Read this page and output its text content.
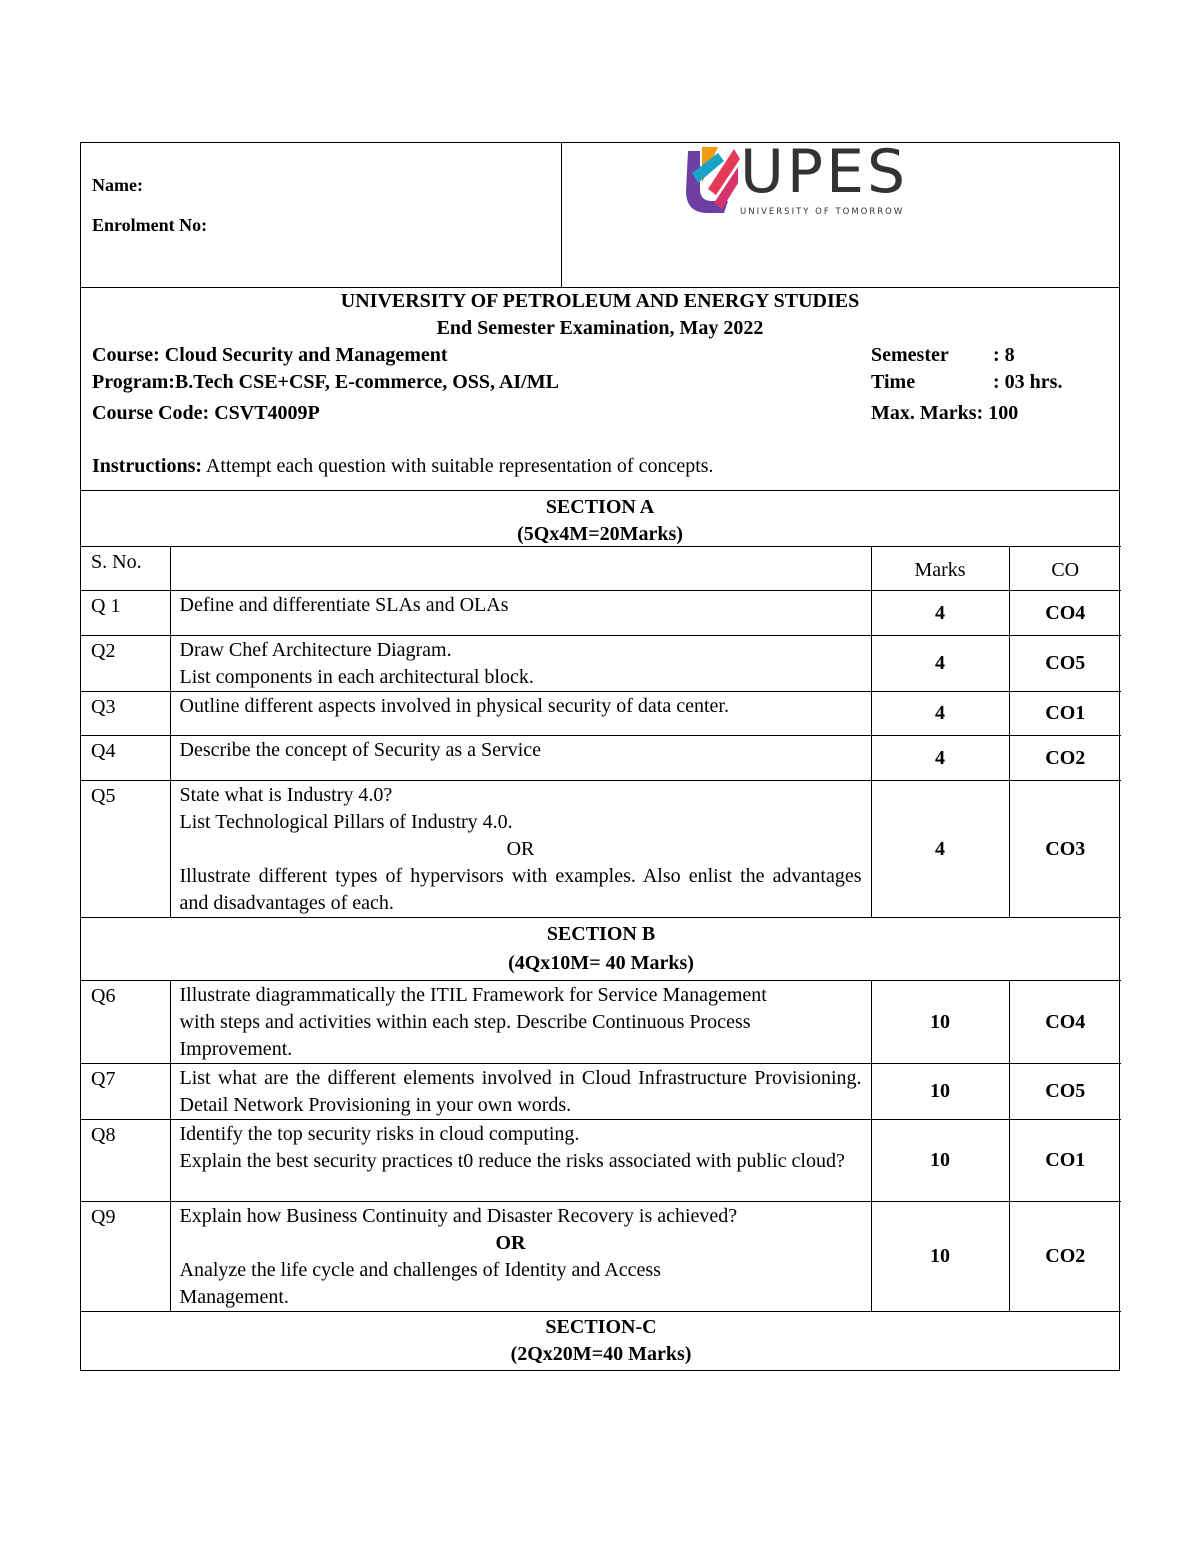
Name:
Enrolment No:
UPES
UNIVERSITY OF TOMORROW
UNIVERSITY OF PETROLEUM AND ENERGY STUDIES
End Semester Examination, May 2022
Course: Cloud Security and Management
Program:B.Tech CSE+CSF, E-commerce, OSS, AI/ML
Course Code: CSVT4009P
Semester : 8
Time	: 03 hrs.
Max. Marks: 100
Instructions: Attempt each question with suitable representation of concepts.
SECTION A
(5Qx4M=20Marks)
S. No.		Marks	CO
Q 1	Define and differentiate SLAs and OLAs	4	CO4
Q2	Draw Chef Architecture Diagram.
List components in each architectural block.	4	CO5
Q3	Outline different aspects involved in physical security of data center.	4	CO1
Q4	Describe the concept of Security as a Service	4	CO2
Q5	State what is Industry 4.0?
List Technological Pillars of Industry 4.0.
OR
Illustrate different types of hypervisors with examples. Also enlist the advantages and disadvantages of each.	4	CO3

SECTION B
(4Qx10M= 40 Marks)			

Q6	Illustrate diagrammatically the ITIL Framework for Service Management with steps and activities within each step. Describe Continuous Process Improvement.	10	CO4
Q7	List what are the different elements involved in Cloud Infrastructure Provisioning. Detail Network Provisioning in your own words.	10	CO5
Q8	Identify the top security risks in cloud computing.
Explain the best security practices t0 reduce the risks associated with public cloud?	10	CO1
Q9	Explain how Business Continuity and Disaster Recovery is achieved?
OR
Analyze the life cycle and challenges of Identity and Access Management.	10	CO2

SECTION-C
(2Qx20M=40 Marks)			
